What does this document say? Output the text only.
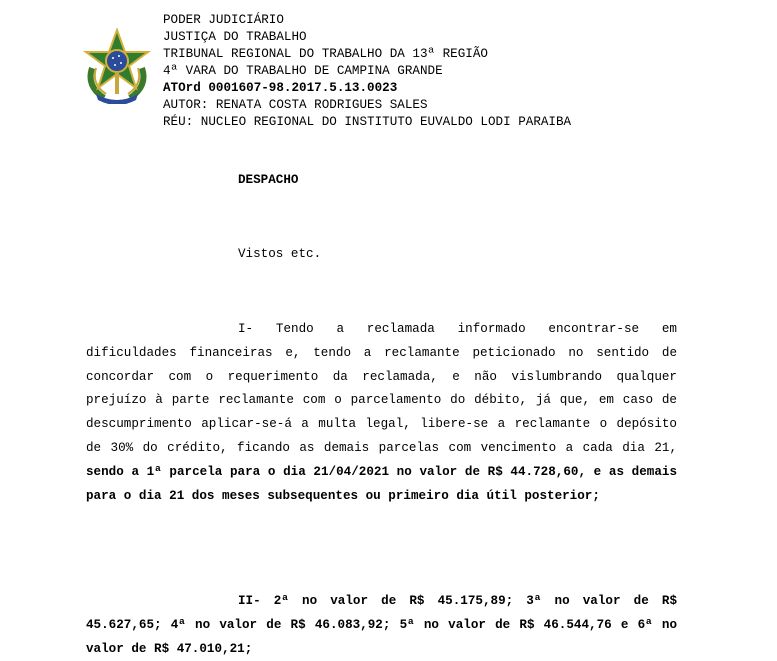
PODER JUDICIÁRIO
JUSTIÇA DO TRABALHO
TRIBUNAL REGIONAL DO TRABALHO DA 13ª REGIÃO
4ª VARA DO TRABALHO DE CAMPINA GRANDE
ATOrd 0001607-98.2017.5.13.0023
AUTOR: RENATA COSTA RODRIGUES SALES
RÉU: NUCLEO REGIONAL DO INSTITUTO EUVALDO LODI PARAIBA
DESPACHO
Vistos etc.
I- Tendo a reclamada informado encontrar-se em dificuldades financeiras e, tendo a reclamante peticionado no sentido de concordar com o requerimento da reclamada, e não vislumbrando qualquer prejuízo à parte reclamante com o parcelamento do débito, já que, em caso de descumprimento aplicar-se-á a multa legal, libere-se a reclamante o depósito de 30% do crédito, ficando as demais parcelas com vencimento a cada dia 21, sendo a 1ª parcela para o dia 21/04/2021 no valor de R$ 44.728,60, e as demais para o dia 21 dos meses subsequentes ou primeiro dia útil posterior;
II- 2ª no valor de R$ 45.175,89; 3ª no valor de R$ 45.627,65; 4ª no valor de R$ 46.083,92; 5ª no valor de R$ 46.544,76 e 6ª no valor de R$ 47.010,21;
